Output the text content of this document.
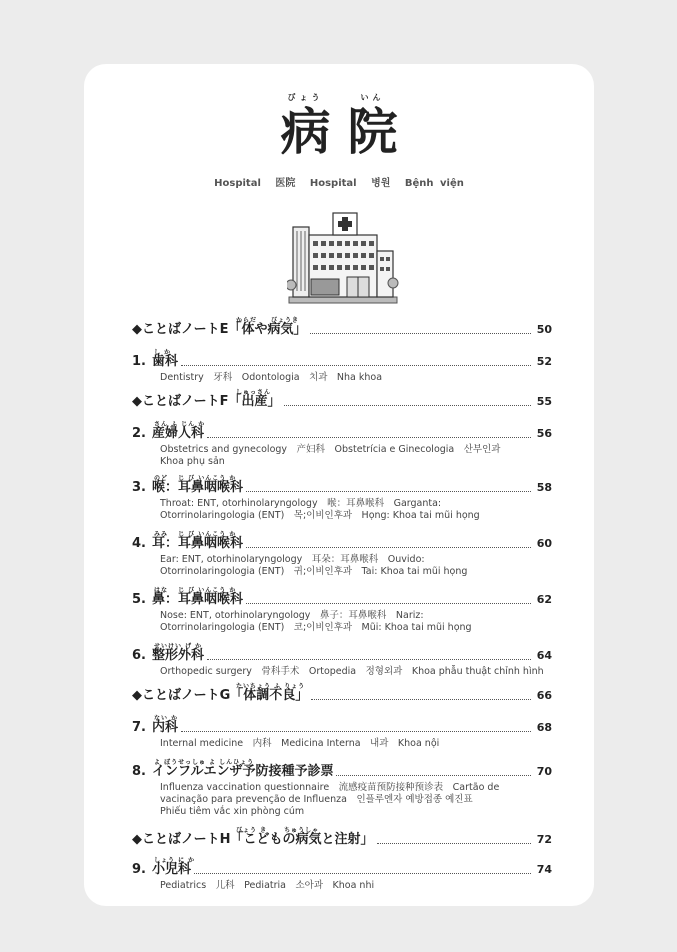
びょう
病

いん
院
Hospital 医院 Hospital 병원 Bệnh viện
◆ことばノートE「体や病気」
からだ　　びょうき
50
1. 歯科
し か
52
Dentistry　牙科　Odontologia　치과　Nha khoa
◆ことばノートF「出産」
しゅっさん
55
2. 産婦人科
さん ふ じん か
56
Obstetrics and gynecology　产妇科　Obstetrícia e Ginecologia　산부인과
Khoa phụ sản
3. 喉：耳鼻咽喉科
のど　 じ び いんこう か
58
Throat: ENT, otorhinolaryngology　喉：耳鼻喉科　Garganta:
Otorrinolaringologia (ENT)　목;이비인후과　Họng: Khoa tai mũi họng
4. 耳：耳鼻咽喉科
みみ　 じ び いんこう か
60
Ear: ENT, otorhinolaryngology　耳朵：耳鼻喉科　Ouvido:
Otorrinolaringologia (ENT)　귀;이비인후과　Tai: Khoa tai mũi họng
5. 鼻：耳鼻咽喉科
はな　 じ び いんこう か
62
Nose: ENT, otorhinolaryngology　鼻子：耳鼻喉科　Nariz:
Otorrinolaringologia (ENT)　코;이비인후과　Mũi: Khoa tai mũi họng
6. 整形外科
せいけい げ か
64
Orthopedic surgery　骨科手术　Ortopedia　정형외과　Khoa phẫu thuật chỉnh hình
◆ことばノートG「体調不良」
たいちょう ふ りょう
66
7. 内科
ない か
68
Internal medicine　内科　Medicina Interna　내과　Khoa nội
8. インフルエンザ予防接種予診票
よ ぼうせっしゅ よ しんひょう
70
Influenza vaccination questionnaire　流感疫苗预防接种预诊表　Cartão de
vacinação para prevenção de Influenza　인플루엔자 예방접종 예진표
Phiếu tiêm vắc xin phòng cúm
◆ことばノートH「こどもの病気と注射」
びょう き　　 ちゅうしゃ
72
9. 小児科
しょう に か
74
Pediatrics　儿科　Pediatria　소아과　Khoa nhi
